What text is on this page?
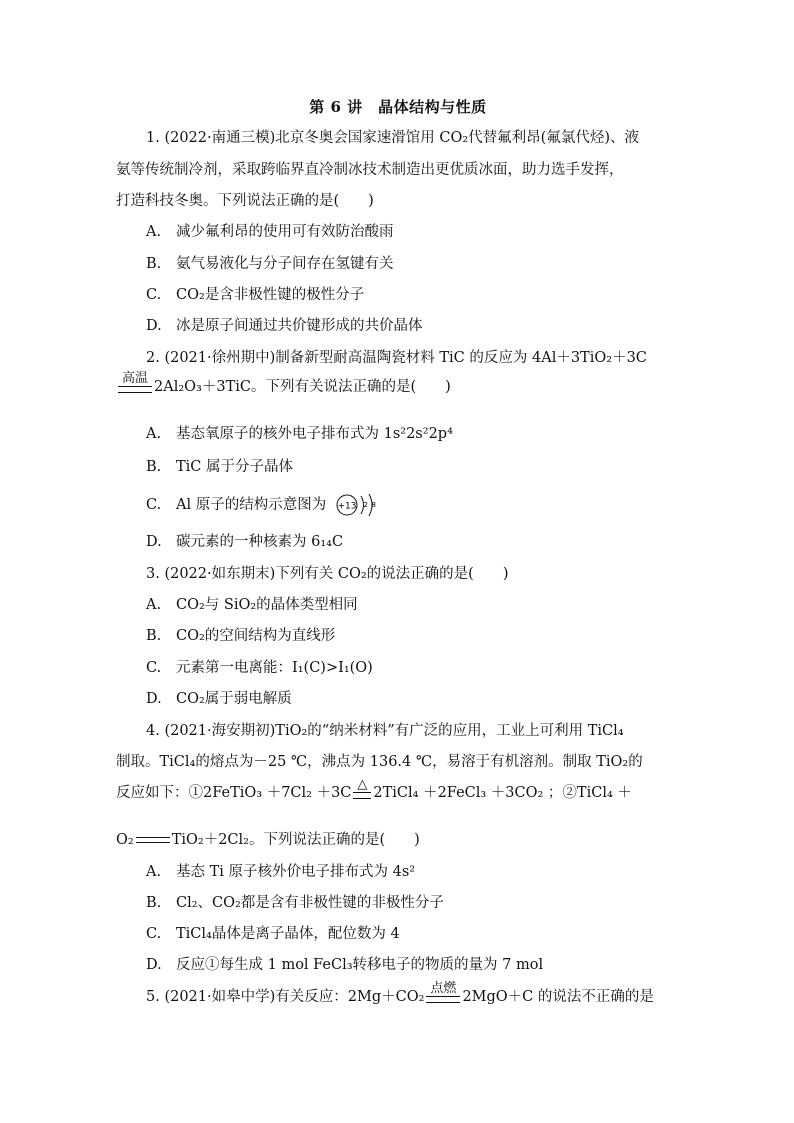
第 6 讲　晶体结构与性质
1. (2022·南通三模)北京冬奥会国家速滑馆用 CO₂代替氟利昂(氟氯代烃)、液
氨等传统制冷剂，采取跨临界直冷制冰技术制造出更优质冰面，助力选手发挥，
打造科技冬奥。下列说法正确的是(　　)
A. 减少氟利昂的使用可有效防治酸雨
B. 氨气易液化与分子间存在氢键有关
C. CO₂是含非极性键的极性分子
D. 冰是原子间通过共价键形成的共价晶体
2. (2021·徐州期中)制备新型耐高温陶瓷材料 TiC 的反应为 4Al＋3TiO₂＋3C
高温
2Al₂O₃＋3TiC。下列有关说法正确的是(　　)
A. 基态氧原子的核外电子排布式为 1s²2s²2p⁴
B. TiC 属于分子晶体
C. Al 原子的结构示意图为 +13 2 8
D. 碳元素的一种核素为 6₁₄C
3. (2022·如东期末)下列有关 CO₂的说法正确的是(　　)
A. CO₂与 SiO₂的晶体类型相同
B. CO₂的空间结构为直线形
C. 元素第一电离能：I₁(C)>I₁(O)
D. CO₂属于弱电解质
4. (2021·海安期初)TiO₂的“纳米材料”有广泛的应用，工业上可利用 TiCl₄
制取。TiCl₄的熔点为－25 ℃，沸点为 136.4 ℃，易溶于有机溶剂。制取 TiO₂的
反应如下：①2FeTiO₃ ＋7Cl₂ ＋3C
△
2TiCl₄ ＋2FeCl₃ ＋3CO₂ ；②TiCl₄ ＋
O₂	TiO₂＋2Cl₂。下列说法正确的是(　　)
A. 基态 Ti 原子核外价电子排布式为 4s²
B. Cl₂、CO₂都是含有非极性键的非极性分子
C. TiCl₄晶体是离子晶体，配位数为 4
D. 反应①每生成 1 mol FeCl₃转移电子的物质的量为 7 mol
5. (2021·如皋中学)有关反应：2Mg＋CO₂
点燃
2MgO＋C 的说法不正确的是
